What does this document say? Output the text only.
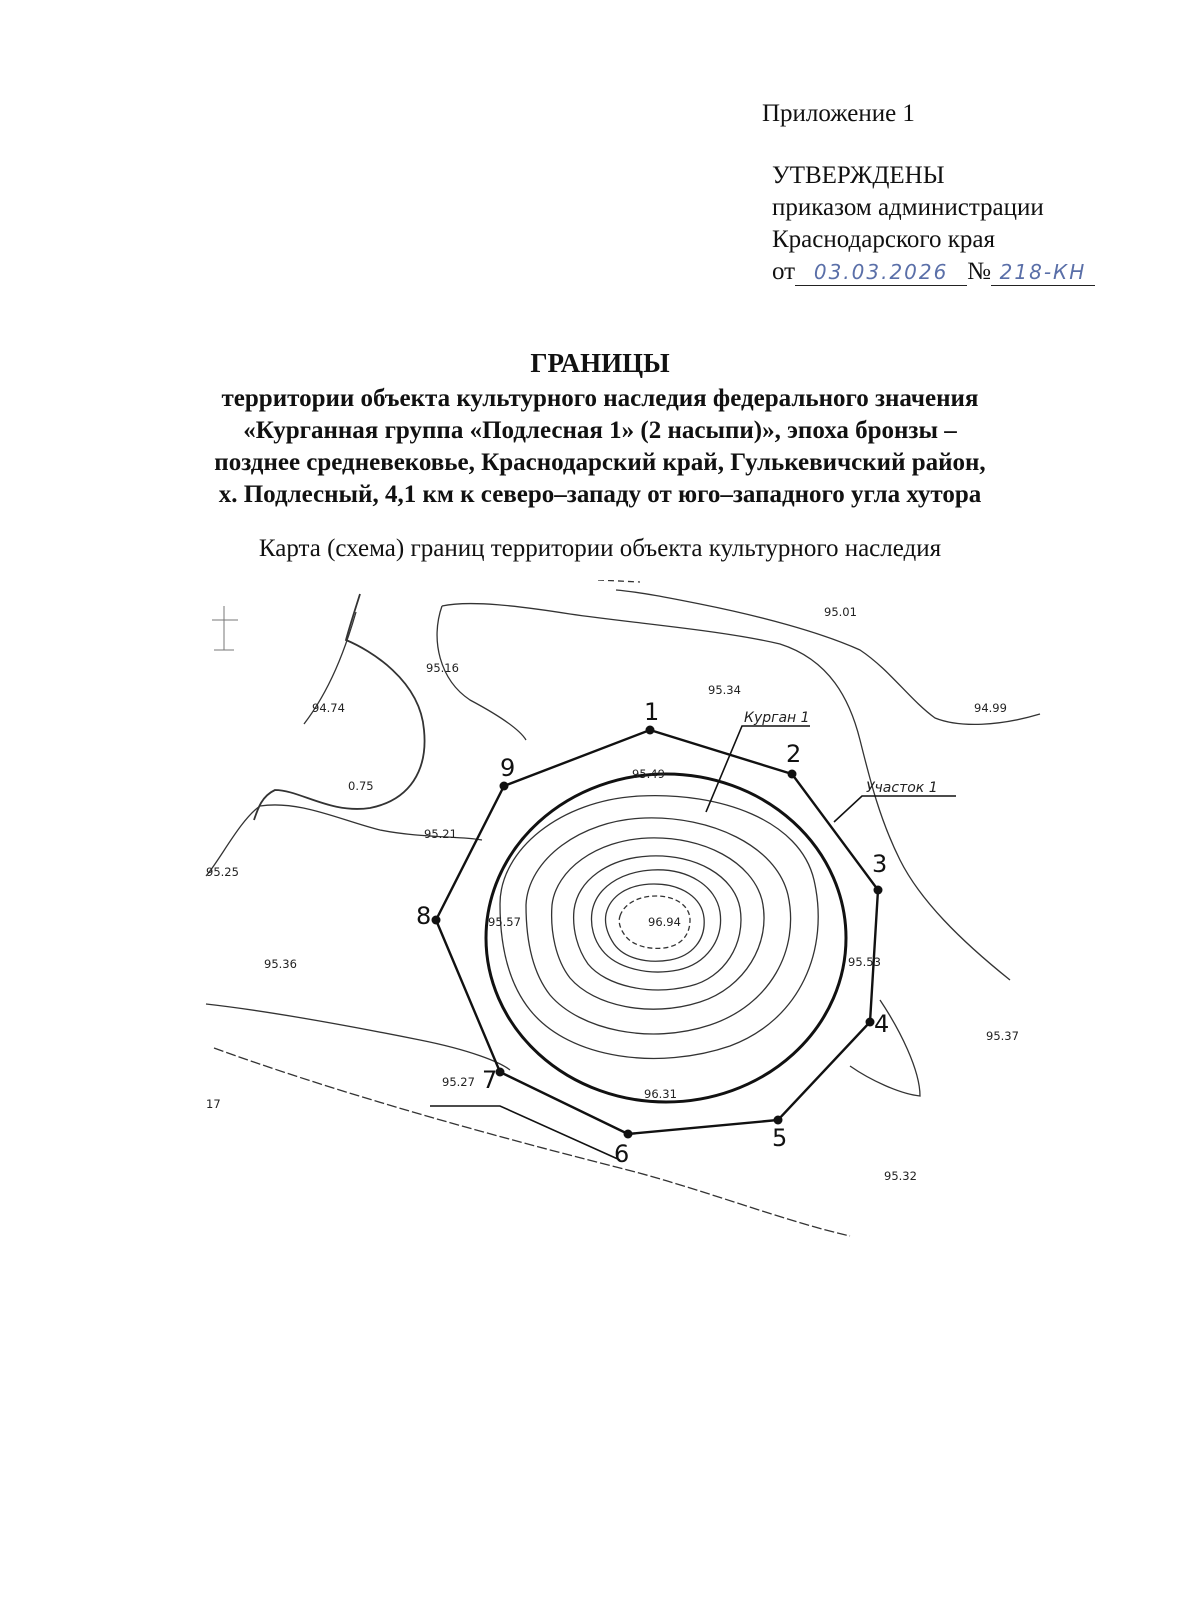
Приложение 1
УТВЕРЖДЕНЫ
приказом администрации
Краснодарского края
от 03.03.2026 № 218-КН
ГРАНИЦЫ
территории объекта культурного наследия федерального значения
«Курганная группа «Подлесная 1» (2 насыпи)», эпоха бронзы –
позднее средневековье, Краснодарский край, Гулькевичский район,
х. Подлесный, 4,1 км к северо–западу от юго–западного угла хутора
Карта (схема) границ территории объекта культурного наследия
1
2
3
4
5
6
7
8
9
Курган 1
Участок 1
95.01
95.16
95.34
94.74	94.99
95.49
0.75
95.21
95.25
95.57	96.94
95.53
95.36
95.37
95.27
96.31
95.32
17
